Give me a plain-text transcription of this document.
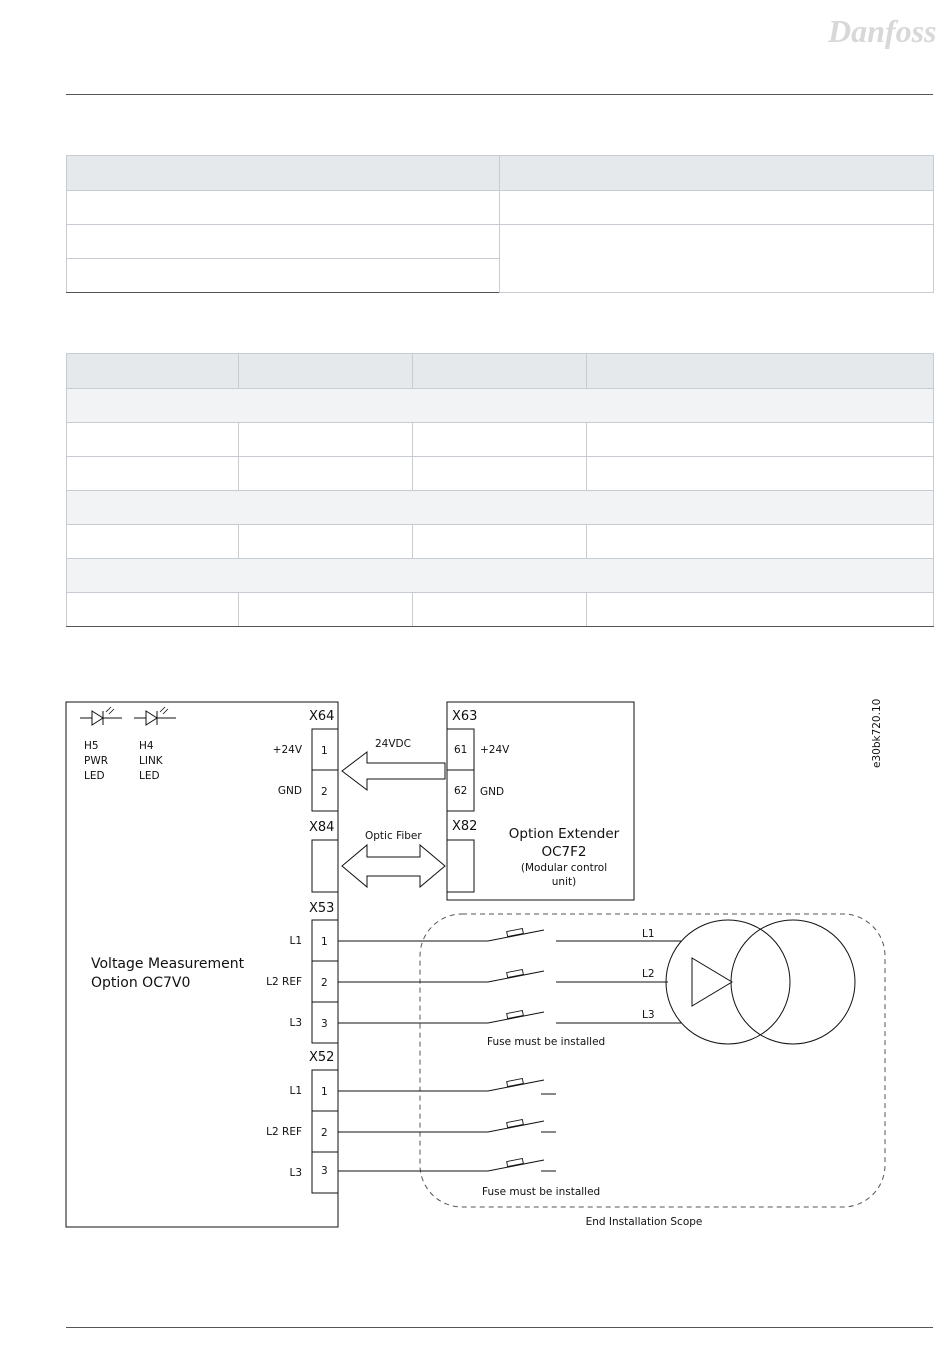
Danfoss

Voltage Measurement
Option OC7V0
H5
PWR
LED
H4
LINK
LED
X64
1
2
+24V
GND
X84
X53
1
2
3
L1
L2 REF
L3
X52
1
2
3
L1
L2 REF
L3
X63
61
62
+24V
GND
X82 Option Extender
OC7F2
(Modular control
unit)
24VDC
Optic Fiber
End Installation Scope
L1
L2
L3
Fuse must be installed
Fuse must be installed
e30bk720.10
